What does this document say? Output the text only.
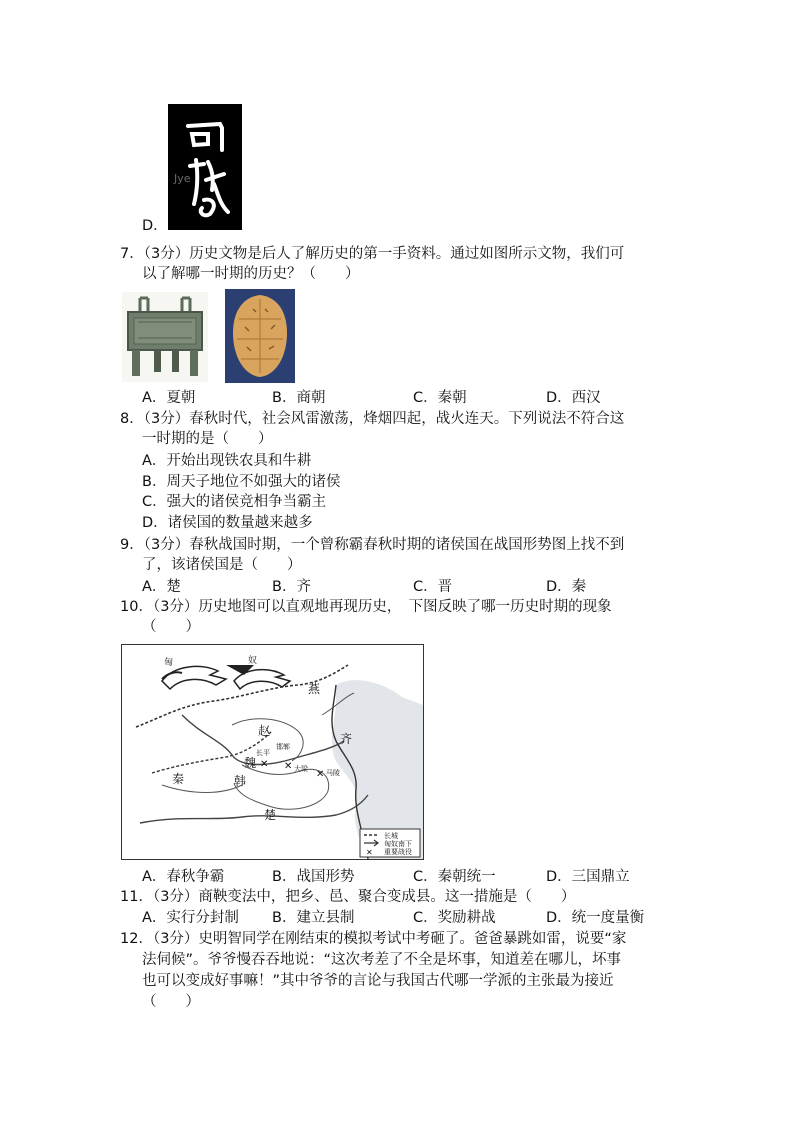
Jye
D．
7．（3分）历史文物是后人了解历史的第一手资料。通过如图所示文物，我们可
以了解哪一时期的历史？（　　）
A．夏朝	B．商朝	C．秦朝	D．西汉
8．（3分）春秋时代，社会风雷激荡，烽烟四起，战火连天。下列说法不符合这
一时期的是（　　）
A．开始出现铁农具和牛耕
B．周天子地位不如强大的诸侯
C．强大的诸侯竞相争当霸主
D．诸侯国的数量越来越多
9．（3分）春秋战国时期，一个曾称霸春秋时期的诸侯国在战国形势图上找不到
了，该诸侯国是（　　）
A．楚	B．齐	C．晋	D．秦
10．（3分）历史地图可以直观地再现历史，　下图反映了哪一历史时期的现象
（　　）
匈	奴
燕
赵
齐
秦
魏
韩
楚
邯郸
大梁	马陵
长平
✕ ✕
✕
长城
匈奴南下
✕ 重要战役
A．春秋争霸	B．战国形势	C．秦朝统一	D．三国鼎立
11．（3分）商鞅变法中，把乡、邑、聚合变成县。这一措施是（　　）
A．实行分封制 B．建立县制	C．奖励耕战	D．统一度量衡
12．（3分）史明智同学在刚结束的模拟考试中考砸了。爸爸暴跳如雷，说要“家
法伺候”。爷爷慢吞吞地说：“这次考差了不全是坏事，知道差在哪儿，坏事
也可以变成好事嘛！”其中爷爷的言论与我国古代哪一学派的主张最为接近
（　　）
